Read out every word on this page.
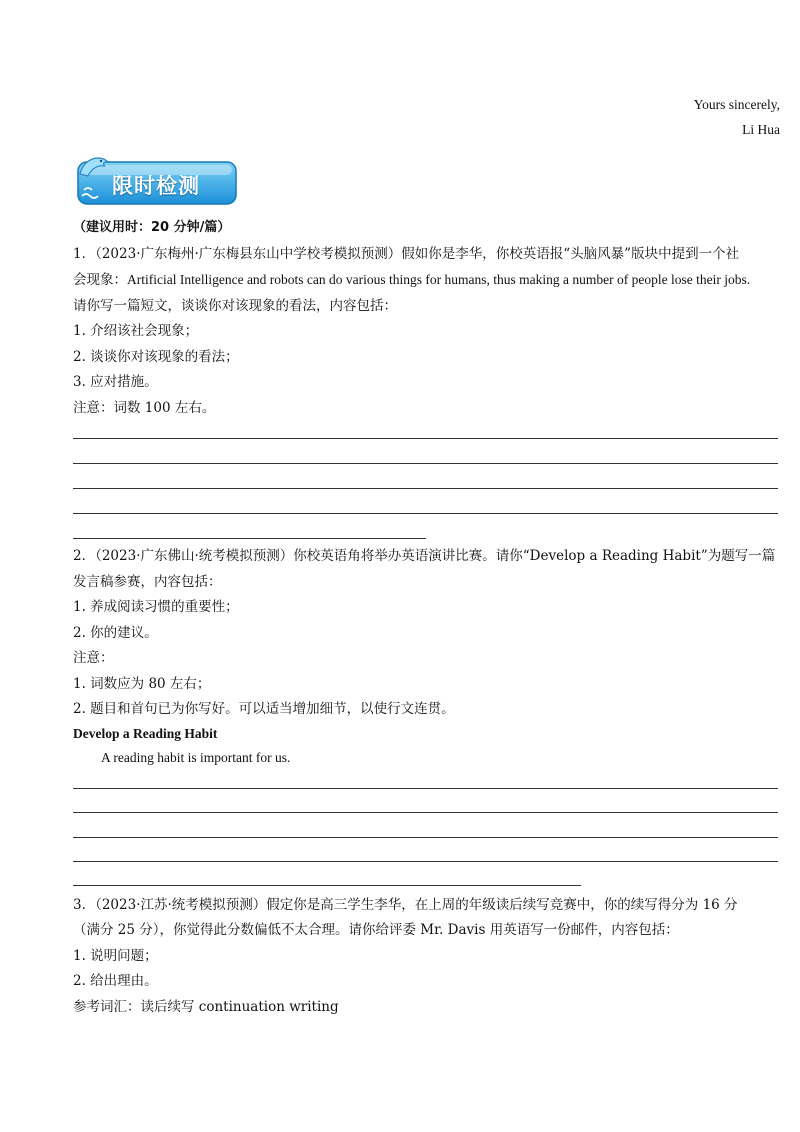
Yours sincerely,
Li Hua
限时检测
（建议用时：20 分钟/篇）
1．（2023·广东梅州·广东梅县东山中学校考模拟预测）假如你是李华，你校英语报“头脑风暴”版块中提到一个社
会现象：Artificial Intelligence and robots can do various things for humans, thus making a number of people lose their jobs.
请你写一篇短文，谈谈你对该现象的看法，内容包括：
1. 介绍该社会现象；
2. 谈谈你对该现象的看法；
3. 应对措施。
注意：词数 100 左右。
2．（2023·广东佛山·统考模拟预测）你校英语角将举办英语演讲比赛。请你“Develop a Reading Habit”为题写一篇
发言稿参赛，内容包括：
1. 养成阅读习惯的重要性；
2. 你的建议。
注意：
1. 词数应为 80 左右；
2. 题目和首句已为你写好。可以适当增加细节，以使行文连贯。
Develop a Reading Habit
A reading habit is important for us.
3．（2023·江苏·统考模拟预测）假定你是高三学生李华，在上周的年级读后续写竞赛中，你的续写得分为 16 分
（满分 25 分），你觉得此分数偏低不太合理。请你给评委 Mr. Davis 用英语写一份邮件，内容包括：
1. 说明问题；
2. 给出理由。
参考词汇：读后续写 continuation writing
